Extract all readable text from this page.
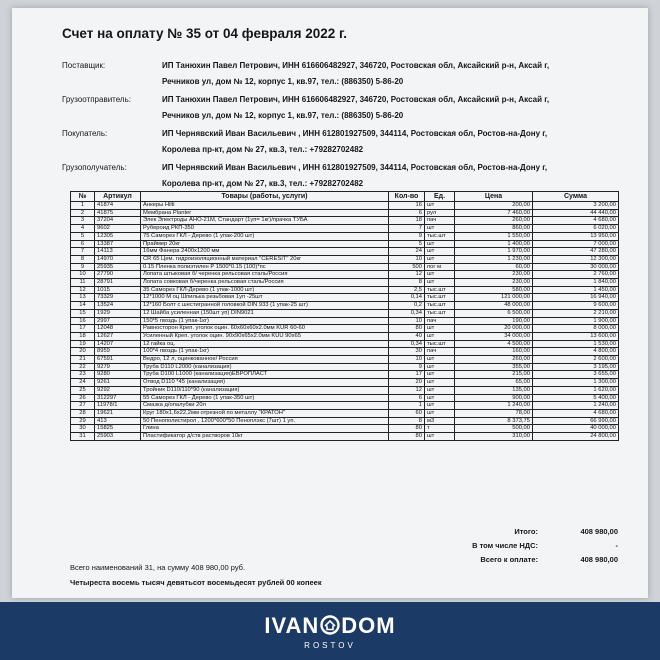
Счет на оплату № 35 от 04 февраля 2022 г.
Поставщик:	ИП Танюхин Павел Петрович, ИНН 616606482927, 346720, Ростовская обл, Аксайский р-н, Аксай г,
Речников ул, дом № 12, корпус 1, кв.97, тел.: (886350) 5-86-20
Грузоотправитель:	ИП Танюхин Павел Петрович, ИНН 616606482927, 346720, Ростовская обл, Аксайский р-н, Аксай г,
Речников ул, дом № 12, корпус 1, кв.97, тел.: (886350) 5-86-20
Покупатель:	ИП Чернявский Иван Васильевич , ИНН 612801927509, 344114, Ростовская обл, Ростов-на-Дону г,
Королева пр-кт, дом № 27, кв.3, тел.: +79282702482
Грузополучатель:	ИП Чернявский Иван Васильевич , ИНН 612801927509, 344114, Ростовская обл, Ростов-на-Дону г,
Королева пр-кт, дом № 27, кв.3, тел.: +79282702482
№	Артикул	Товары (работы, услуги)	Кол-во	Ед.	Цена	Сумма
1	41874	Анкеры Hilti	16	шт	200,00	3 200,00
2	41875	Мембрана Planter	6	рул	7 460,00	44 440,00
3	37204	Элек Электроды АНО-21М, Стандарт (1уп= 1кг)/прачка ТУБА	18	пач	260,00	4 680,00
4	9602	Рубероид РКП-350	7	шт	860,00	6 020,00
5	12305	75 Саморез ГКЛ - Дерево (1 упак-200 шт)	9	тыс.шт	1 550,00	13 950,00
6	13387	Праймер 20кг	5	шт	1 400,00	7 000,00
7	14113	16мм Фанера 2400х1200 мм	24	шт	1 970,00	47 280,00
8	14970	CR 65 Цем. гидроизоляционный материал "CERESIT" 20кг	10	шт	1 230,00	12 300,00
9	25935	0.15 Пленка полиэтилен P 1500*0.15 (100)*пс	500	пог м	60,00	30 000,00
10	27790	Лопата штыковая б/ черенка рельсовая сталь/Россия	12	шт	230,00	2 760,00
11	28791	Лопата совковая б/черенка рельсовая сталь/Россия	8	шт	230,00	1 840,00
12	1015	35 Саморез ГКЛ-Дерево (1 упак-1000 шт)	2,5	тыс.шт	580,00	1 450,00
13	73329	12*1000 М оц Шпилька резьбовая 1уп -25шт	0,14	тыс.шт	121 000,00	16 940,00
14	13524	12*160 Болт с шестигранной головкой DIN 933 (1 упак-25 шт)	0,2	тыс.шт	48 000,00	9 600,00
15	1929	12 Шайба усиленная (150шт уп) DIN9021	0,34	тыс.шт	6 500,00	2 210,00
16	2997	150*5 гвоздь (1 упак-1кг)	10	пач	190,00	1 900,00
17	12048	Равносторон Креп. уголок оцин. 60х60х60х2.0мм KUR 60-60	80	шт	20 000,00	8 000,00
18	12627	Усиленный Креп. уголок оцин. 90х90х65х2.0мм KUU 90х65	40	шт	34 000,00	13 600,00
19	14207	12 гайка оц.	0,34	тыс.шт	4 500,00	1 530,00
20	8959	100*4 гвоздь (1 упак-1кг)	30	пач	160,00	4 800,00
21	67591	Ведро, 12 л, оцинкованное/ Россия	10	шт	260,00	2 600,00
22	9279	Труба D110 L2000 (канализация)	9	шт	355,00	3 195,00
23	9280	Труба D100 L1000 (канализация)ЕВРОПЛАСТ	17	шт	215,00	3 655,00
24	9261	Отвод D110 *45 (канализация)	20	шт	65,00	1 300,00
25	9292	Тройник D110/110*90 (канализация)	12	шт	135,00	1 620,00
26	312297	55 Саморез ГКЛ - Дерево (1 упак-350 шт)	6	шт	900,00	5 400,00
27	11978/1	Смазка д/опалубки 20л	1	шт	1 240,00	1 240,00
28	19621	Круг 180х1,6х22,2мм отрезной по металлу "КРАТОН"	60	шт	78,00	4 680,00
29	413	50 Пенополистирол , 1200*600*50 Пеноплэкс (7шт) 1 уп.	8	м3	8 373,75	66 990,00
30	15825	Глина	80	т	500,00	40 000,00
31	25903	Пластификатор д/ств растворов 10кг	80	шт	310,00	24 800,00
Итого:	408 980,00
В том числе НДС:	-
Всего к оплате:	408 980,00
Всего наименований 31, на сумму 408 980,00 руб.
Четыреста восемь тысяч девятьсот восемьдесят рублей 00 копеек
IVAN DOM
ROSTOV
